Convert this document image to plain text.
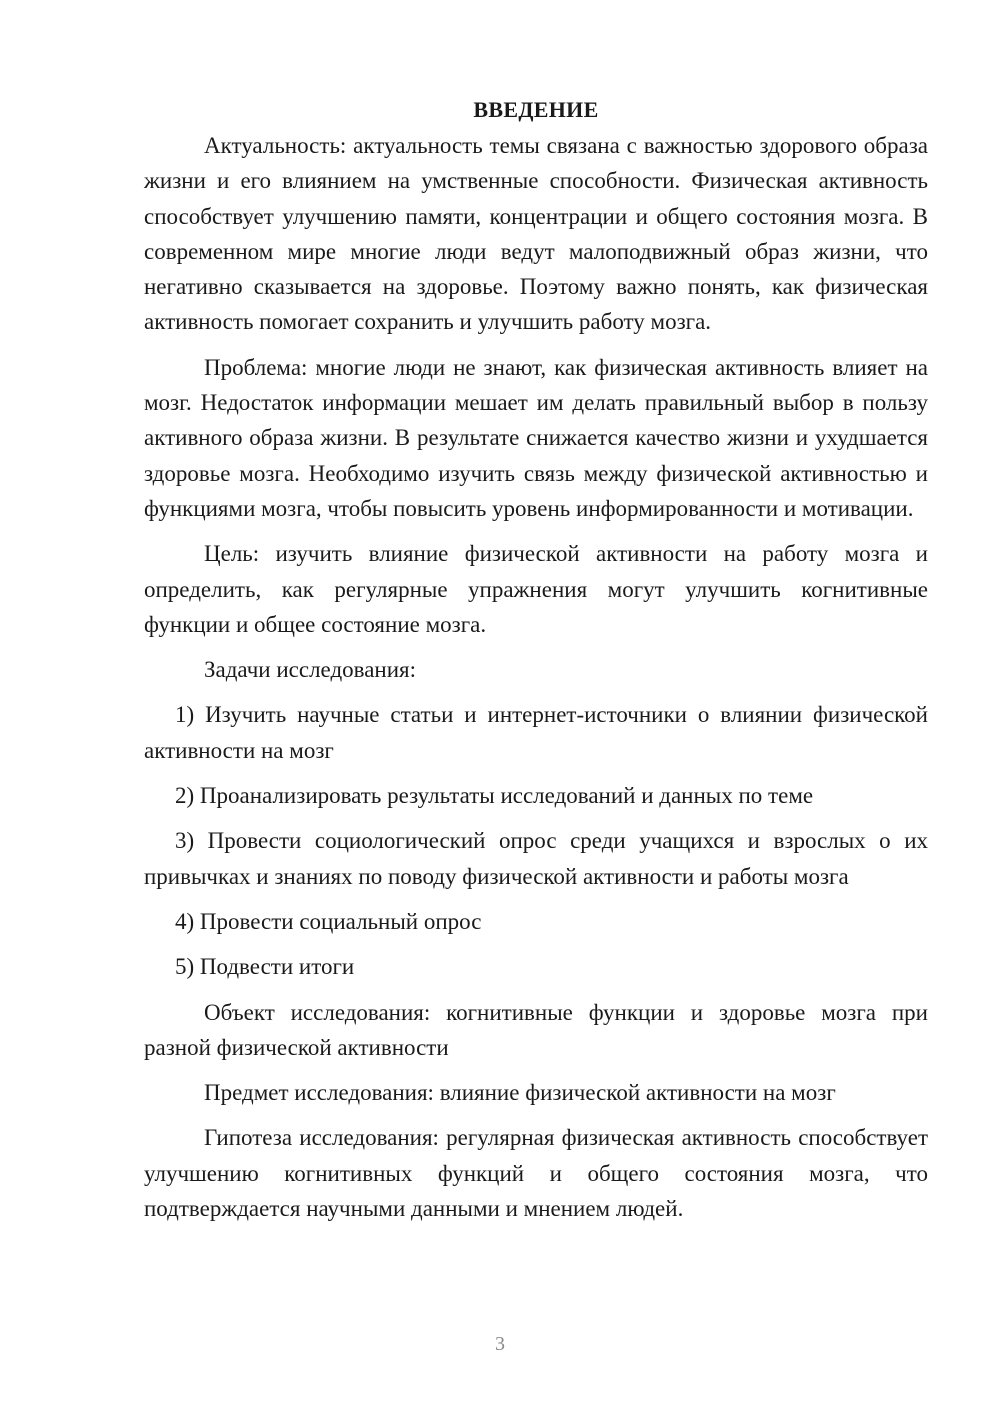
ВВЕДЕНИЕ

Актуальность: актуальность темы связана с важностью здорового образа жизни и его влиянием на умственные способности. Физическая активность способствует улучшению памяти, концентрации и общего состояния мозга. В современном мире многие люди ведут малоподвижный образ жизни, что негативно сказывается на здоровье. Поэтому важно понять, как физическая активность помогает сохранить и улучшить работу мозга.

Проблема: многие люди не знают, как физическая активность влияет на мозг. Недостаток информации мешает им делать правильный выбор в пользу активного образа жизни. В результате снижается качество жизни и ухудшается здоровье мозга. Необходимо изучить связь между физической активностью и функциями мозга, чтобы повысить уровень информированности и мотивации.

Цель: изучить влияние физической активности на работу мозга и определить, как регулярные упражнения могут улучшить когнитивные функции и общее состояние мозга.

Задачи исследования:

1) Изучить научные статьи и интернет-источники о влиянии физической активности на мозг

2) Проанализировать результаты исследований и данных по теме

3) Провести социологический опрос среди учащихся и взрослых о их привычках и знаниях по поводу физической активности и работы мозга

4) Провести социальный опрос

5) Подвести итоги

Объект исследования: когнитивные функции и здоровье мозга при разной физической активности

Предмет исследования: влияние физической активности на мозг

Гипотеза исследования: регулярная физическая активность способствует улучшению когнитивных функций и общего состояния мозга, что подтверждается научными данными и мнением людей.

3
